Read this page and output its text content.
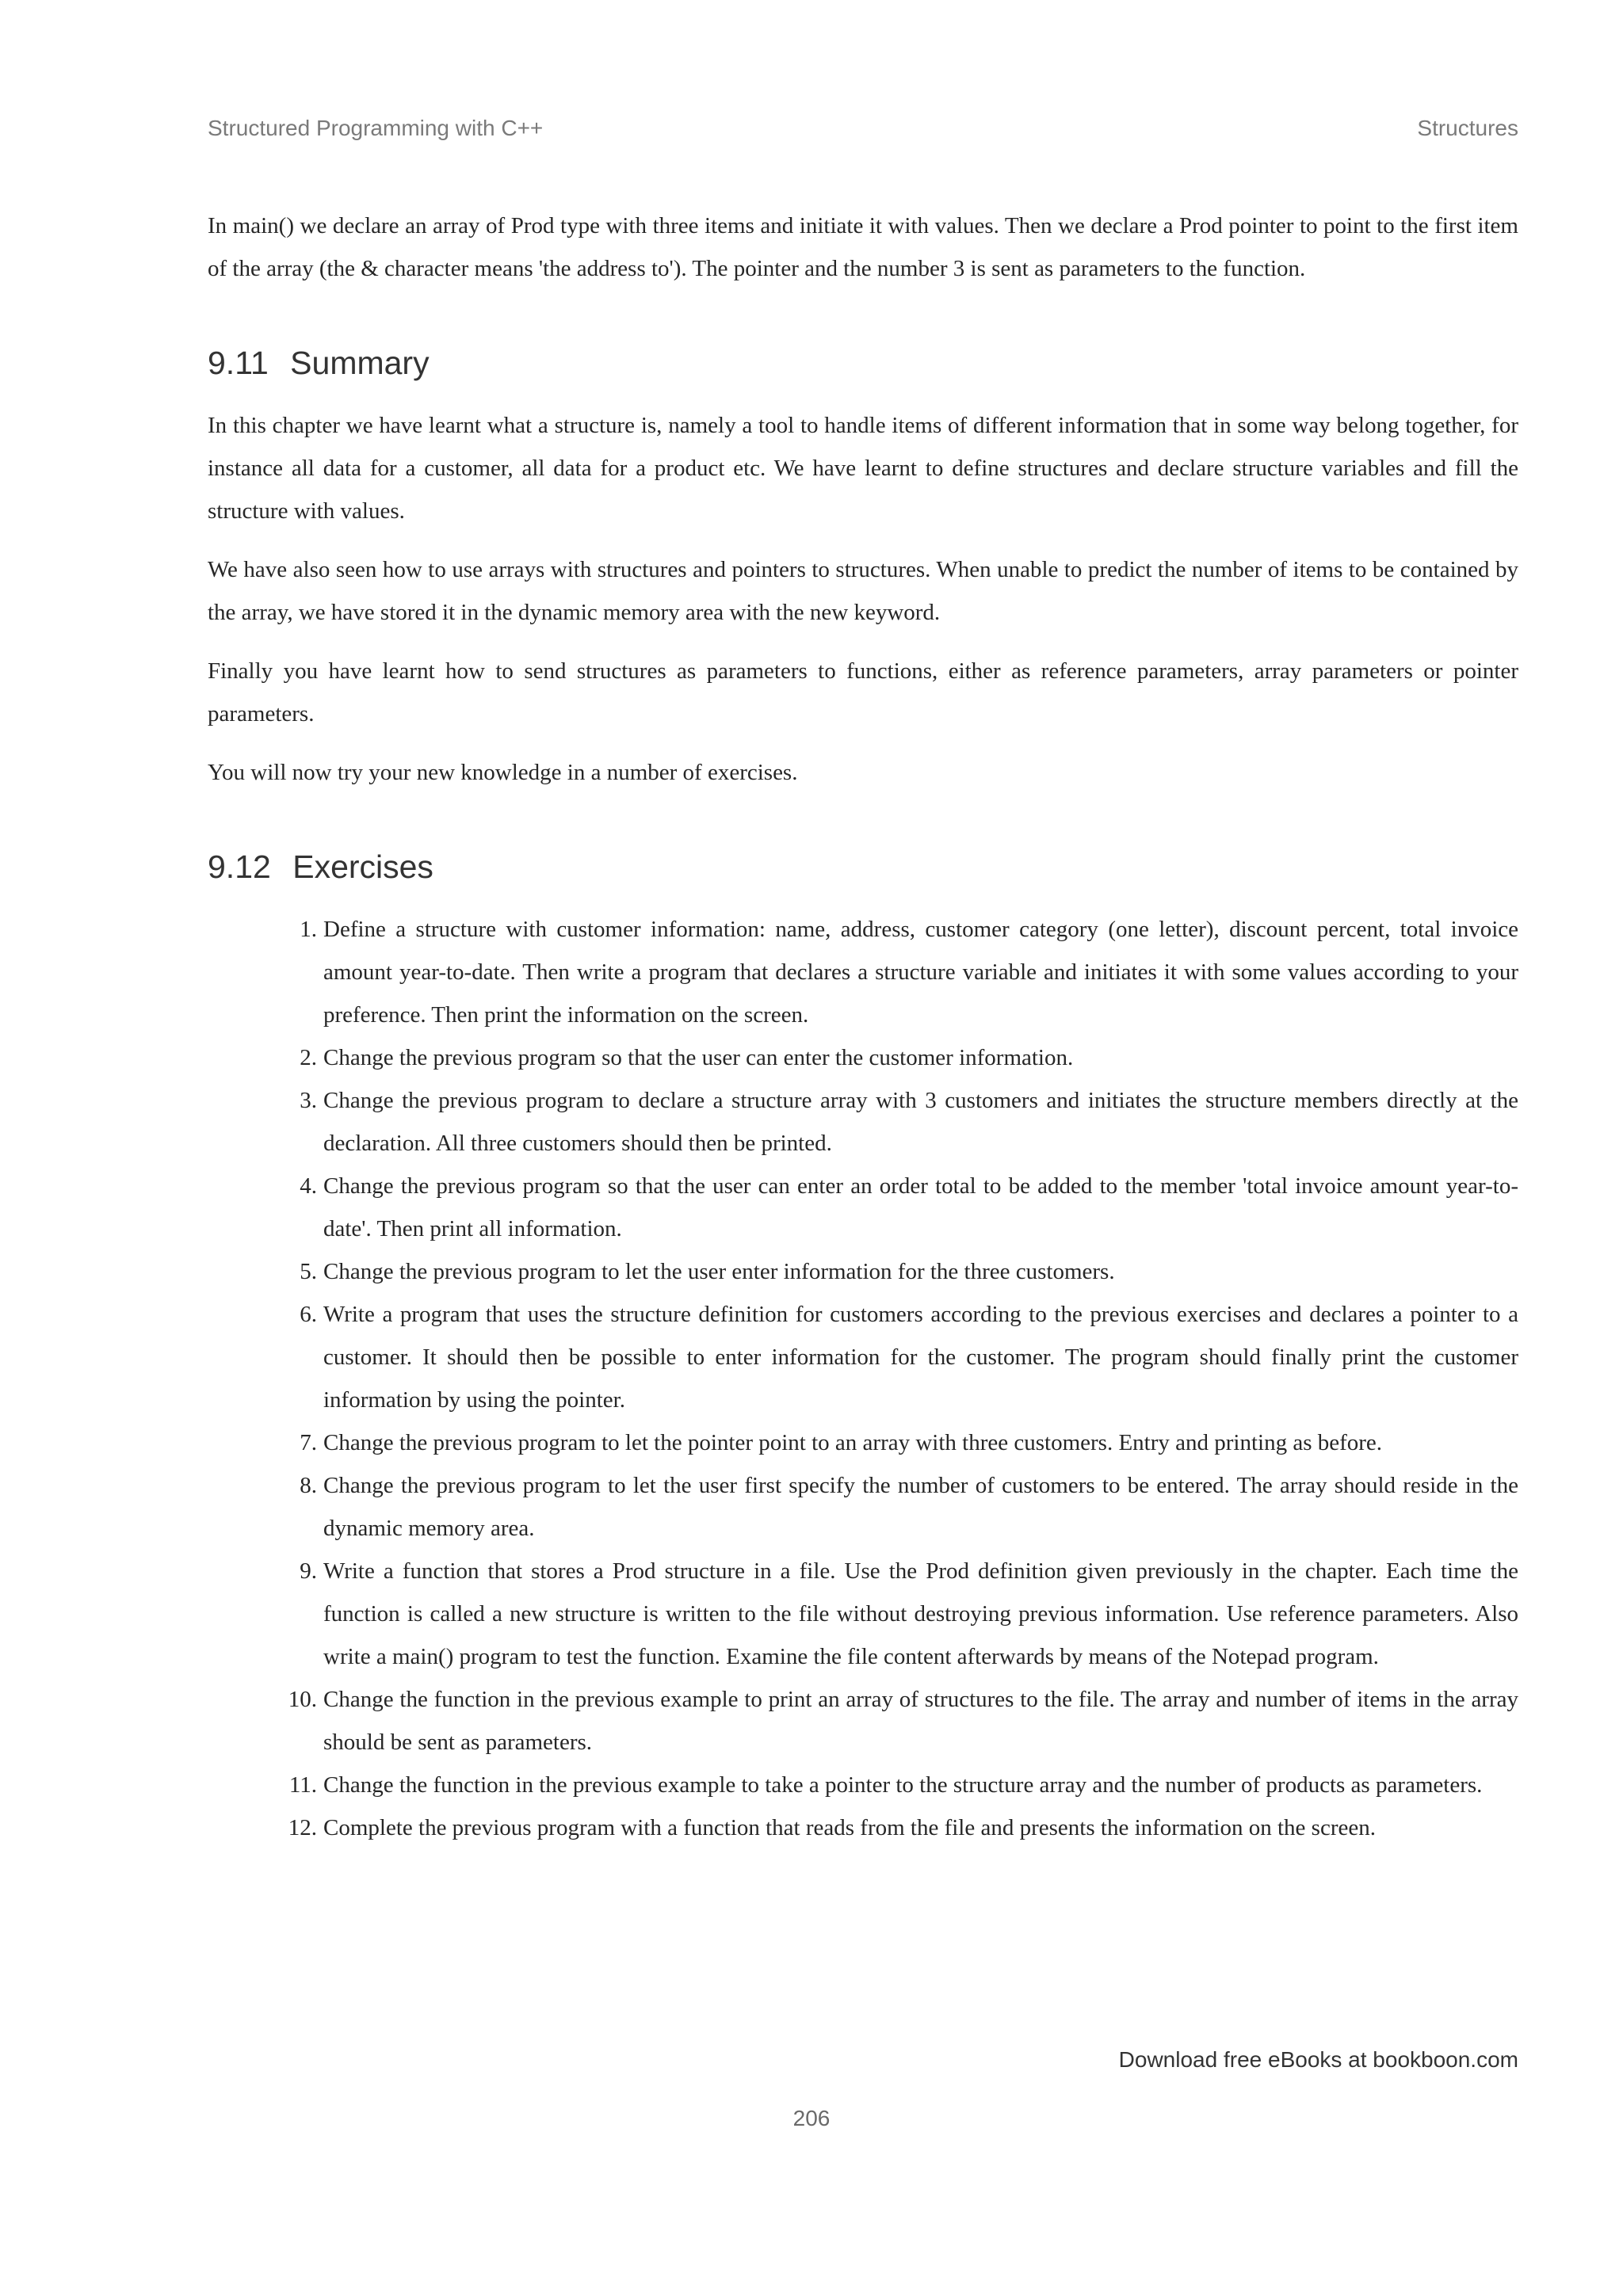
Structured Programming with C++	Structures

In main() we declare an array of Prod type with three items and initiate it with values. Then we declare a Prod pointer to point to the first item of the array (the & character means 'the address to'). The pointer and the number 3 is sent as parameters to the function.

9.11 Summary

In this chapter we have learnt what a structure is, namely a tool to handle items of different information that in some way belong together, for instance all data for a customer, all data for a product etc. We have learnt to define structures and declare structure variables and fill the structure with values.

We have also seen how to use arrays with structures and pointers to structures. When unable to predict the number of items to be contained by the array, we have stored it in the dynamic memory area with the new keyword.

Finally you have learnt how to send structures as parameters to functions, either as reference parameters, array parameters or pointer parameters.

You will now try your new knowledge in a number of exercises.

9.12 Exercises
1. Define a structure with customer information: name, address, customer category (one letter), discount percent, total invoice amount year-to-date. Then write a program that declares a structure variable and initiates it with some values according to your preference. Then print the information on the screen.
2. Change the previous program so that the user can enter the customer information.
3. Change the previous program to declare a structure array with 3 customers and initiates the structure members directly at the declaration. All three customers should then be printed.
4. Change the previous program so that the user can enter an order total to be added to the member 'total invoice amount year-to-date'. Then print all information.
5. Change the previous program to let the user enter information for the three customers.
6. Write a program that uses the structure definition for customers according to the previous exercises and declares a pointer to a customer. It should then be possible to enter information for the customer. The program should finally print the customer information by using the pointer.
7. Change the previous program to let the pointer point to an array with three customers. Entry and printing as before.
8. Change the previous program to let the user first specify the number of customers to be entered. The array should reside in the dynamic memory area.
9. Write a function that stores a Prod structure in a file. Use the Prod definition given previously in the chapter. Each time the function is called a new structure is written to the file without destroying previous information. Use reference parameters. Also write a main() program to test the function. Examine the file content afterwards by means of the Notepad program.
10. Change the function in the previous example to print an array of structures to the file. The array and number of items in the array should be sent as parameters.
11. Change the function in the previous example to take a pointer to the structure array and the number of products as parameters.
12. Complete the previous program with a function that reads from the file and presents the information on the screen.
Download free eBooks at bookboon.com
206
